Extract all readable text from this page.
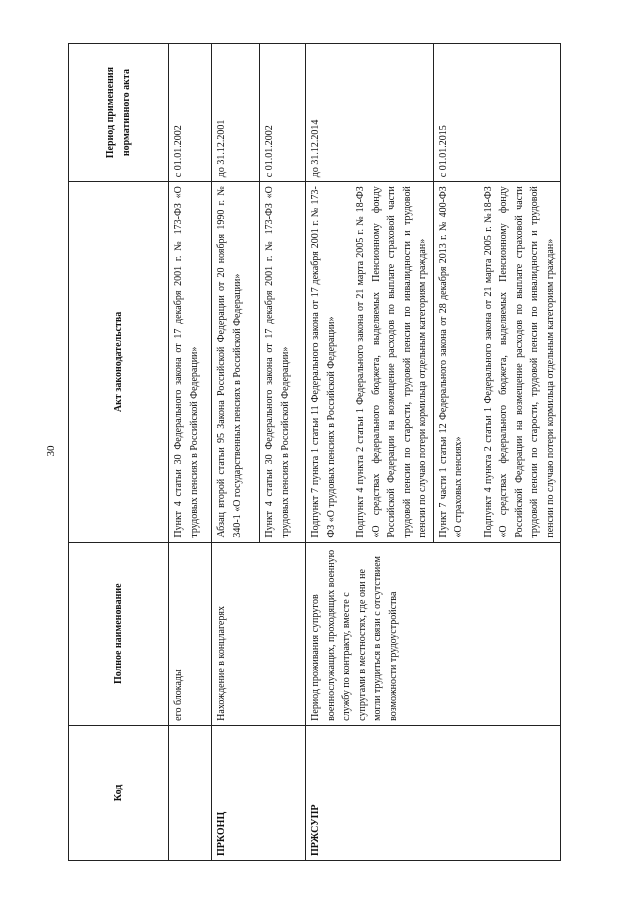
30
Код	Полное наименование	Акт законодательства	Период применения нормативного акта
	его блокады	Пункт 4 статьи 30 Федерального закона от 17 декабря 2001 г. № 173-ФЗ «О трудовых пенсиях в Российской Федерации»	с 01.01.2002
ПРКОНЦ	Нахождение в концлагерях	Абзац второй статьи 95 Закона Российской Федерации от 20 ноября 1990 г. № 340-1 «О государственных пенсиях в Российской Федерации»	до 31.12.2001

		Пункт 4 статьи 30 Федерального закона от 17 декабря 2001 г. № 173-ФЗ «О трудовых пенсиях в Российской Федерации»	с 01.01.2002
ПРЖСУПР	Период проживания супругов военнослужащих, проходящих военную службу по контракту, вместе с супругами в местностях, где они не могли трудиться в связи с отсутствием возможности трудоустройства	Подпункт 7 пункта 1 статьи 11 Федерального закона от 17 декабря 2001 г. № 173-ФЗ «О трудовых пенсиях в Российской Федерации» Подпункт 4 пункта 2 статьи 1 Федерального закона от 21 марта 2005 г. № 18-ФЗ «О средствах федерального бюджета, выделяемых Пенсионному фонду Российской Федерации на возмещение расходов по выплате страховой части трудовой пенсии по старости, трудовой пенсии по инвалидности и трудовой пенсии по случаю потери кормильца отдельным категориям граждан»	до 31.12.2014

		Пункт 7 части 1 статьи 12 Федерального закона от 28 декабря 2013 г. № 400-ФЗ «О страховых пенсиях» Подпункт 4 пункта 2 статьи 1 Федерального закона от 21 марта 2005 г. №18-ФЗ «О средствах федерального бюджета, выделяемых Пенсионному фонду Российской Федерации на возмещение расходов по выплате страховой части трудовой пенсии по старости, трудовой пенсии по инвалидности и трудовой пенсии по случаю потери кормильца отдельным категориям граждан»	с 01.01.2015
